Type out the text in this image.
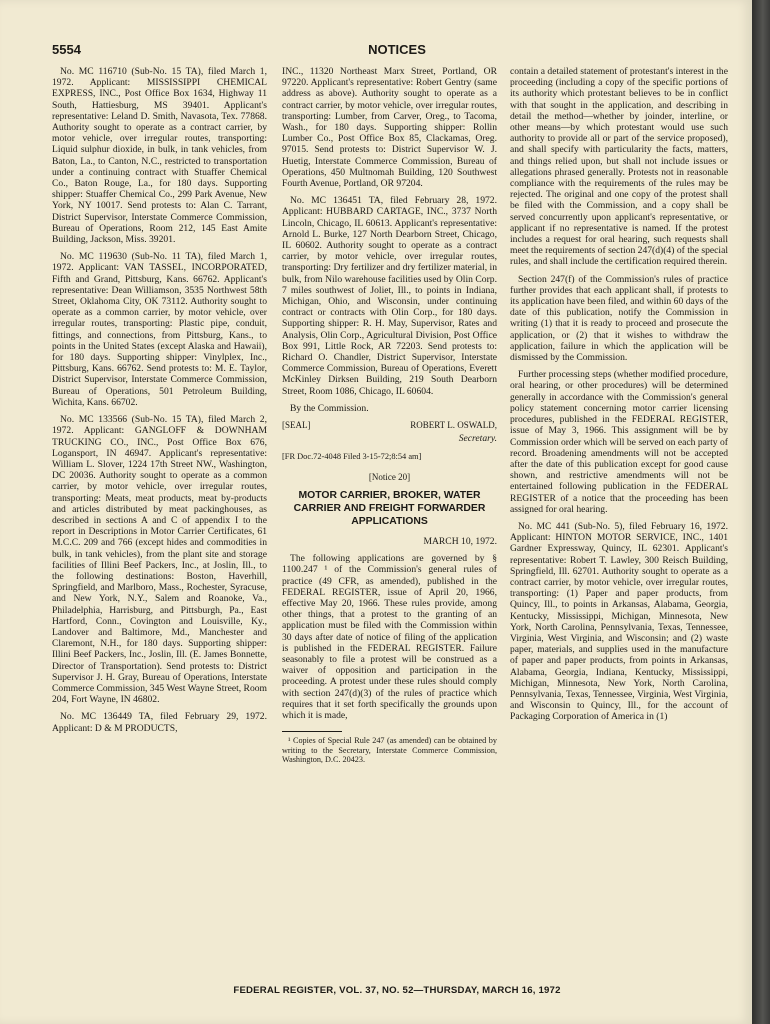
5554	NOTICES

No. MC 116710 (Sub-No. 15 TA), filed March 1, 1972. Applicant: MISSISSIPPI CHEMICAL EXPRESS, INC., Post Office Box 1634, Highway 11 South, Hattiesburg, MS 39401. Applicant's representative: Leland D. Smith, Navasota, Tex. 77868. Authority sought to operate as a contract carrier, by motor vehicle, over irregular routes, transporting: Liquid sulphur dioxide, in bulk, in tank vehicles, from Baton, La., to Canton, N.C., restricted to transportation under a continuing contract with Stuaffer Chemical Co., Baton Rouge, La., for 180 days. Supporting shipper: Stuaffer Chemical Co., 299 Park Avenue, New York, NY 10017. Send protests to: Alan C. Tarrant, District Supervisor, Interstate Commerce Commission, Bureau of Operations, Room 212, 145 East Amite Building, Jackson, Miss. 39201.

No. MC 119630 (Sub-No. 11 TA), filed March 1, 1972. Applicant: VAN TASSEL, INCORPORATED, Fifth and Grand, Pittsburg, Kans. 66762. Applicant's representative: Dean Williamson, 3535 Northwest 58th Street, Oklahoma City, OK 73112. Authority sought to operate as a common carrier, by motor vehicle, over irregular routes, transporting: Plastic pipe, conduit, fittings, and connections, from Pittsburg, Kans., to points in the United States (except Alaska and Hawaii), for 180 days. Supporting shipper: Vinylplex, Inc., Pittsburg, Kans. 66762. Send protests to: M. E. Taylor, District Supervisor, Interstate Commerce Commission, Bureau of Operations, 501 Petroleum Building, Wichita, Kans. 66702.

No. MC 133566 (Sub-No. 15 TA), filed March 2, 1972. Applicant: GANGLOFF & DOWNHAM TRUCKING CO., INC., Post Office Box 676, Logansport, IN 46947. Applicant's representative: William L. Slover, 1224 17th Street NW., Washington, DC 20036. Authority sought to operate as a common carrier, by motor vehicle, over irregular routes, transporting: Meats, meat products, meat by-products and articles distributed by meat packinghouses, as described in sections A and C of appendix I to the report in Descriptions in Motor Carrier Certificates, 61 M.C.C. 209 and 766 (except hides and commodities in bulk, in tank vehicles), from the plant site and storage facilities of Illini Beef Packers, Inc., at Joslin, Ill., to the following destinations: Boston, Haverhill, Springfield, and Marlboro, Mass., Rochester, Syracuse, and New York, N.Y., Salem and Roanoke, Va., Philadelphia, Harrisburg, and Pittsburgh, Pa., East Hartford, Conn., Covington and Louisville, Ky., Landover and Baltimore, Md., Manchester and Claremont, N.H., for 180 days. Supporting shipper: Illini Beef Packers, Inc., Joslin, Ill. (E. James Bonnette, Director of Transportation). Send protests to: District Supervisor J. H. Gray, Bureau of Operations, Interstate Commerce Commission, 345 West Wayne Street, Room 204, Fort Wayne, IN 46802.

No. MC 136449 TA, filed February 29, 1972. Applicant: D & M PRODUCTS,

INC., 11320 Northeast Marx Street, Portland, OR 97220. Applicant's representative: Robert Gentry (same address as above). Authority sought to operate as a contract carrier, by motor vehicle, over irregular routes, transporting: Lumber, from Carver, Oreg., to Tacoma, Wash., for 180 days. Supporting shipper: Rollin Lumber Co., Post Office Box 85, Clackamas, Oreg. 97015. Send protests to: District Supervisor W. J. Huetig, Interstate Commerce Commission, Bureau of Operations, 450 Multnomah Building, 120 Southwest Fourth Avenue, Portland, OR 97204.

No. MC 136451 TA, filed February 28, 1972. Applicant: HUBBARD CARTAGE, INC., 3737 North Lincoln, Chicago, IL 60613. Applicant's representative: Arnold L. Burke, 127 North Dearborn Street, Chicago, IL 60602. Authority sought to operate as a contract carrier, by motor vehicle, over irregular routes, transporting: Dry fertilizer and dry fertilizer material, in bulk, from Nilo warehouse facilities used by Olin Corp. 7 miles southwest of Joliet, Ill., to points in Indiana, Michigan, Ohio, and Wisconsin, under continuing contract or contracts with Olin Corp., for 180 days. Supporting shipper: R. H. May, Supervisor, Rates and Analysis, Olin Corp., Agricultural Division, Post Office Box 991, Little Rock, AR 72203. Send protests to: Richard O. Chandler, District Supervisor, Interstate Commerce Commission, Bureau of Operations, Everett McKinley Dirksen Building, 219 South Dearborn Street, Room 1086, Chicago, IL 60604.

By the Commission.

[SEAL]	ROBERT L. OSWALD,

Secretary.

[FR Doc.72-4048 Filed 3-15-72;8:54 am]

[Notice 20]

MOTOR CARRIER, BROKER, WATER CARRIER AND FREIGHT FORWARDER APPLICATIONS

MARCH 10, 1972.

The following applications are governed by § 1100.247 ¹ of the Commission's general rules of practice (49 CFR, as amended), published in the FEDERAL REGISTER, issue of April 20, 1966, effective May 20, 1966. These rules provide, among other things, that a protest to the granting of an application must be filed with the Commission within 30 days after date of notice of filing of the application is published in the FEDERAL REGISTER. Failure seasonably to file a protest will be construed as a waiver of opposition and participation in the proceeding. A protest under these rules should comply with section 247(d)(3) of the rules of practice which requires that it set forth specifically the grounds upon which it is made,

¹ Copies of Special Rule 247 (as amended) can be obtained by writing to the Secretary, Interstate Commerce Commission, Washington, D.C. 20423.

contain a detailed statement of protestant's interest in the proceeding (including a copy of the specific portions of its authority which protestant believes to be in conflict with that sought in the application, and describing in detail the method—whether by joinder, interline, or other means—by which protestant would use such authority to provide all or part of the service proposed), and shall specify with particularity the facts, matters, and things relied upon, but shall not include issues or allegations phrased generally. Protests not in reasonable compliance with the requirements of the rules may be rejected. The original and one copy of the protest shall be filed with the Commission, and a copy shall be served concurrently upon applicant's representative, or applicant if no representative is named. If the protest includes a request for oral hearing, such requests shall meet the requirements of section 247(d)(4) of the special rules, and shall include the certification required therein.

Section 247(f) of the Commission's rules of practice further provides that each applicant shall, if protests to its application have been filed, and within 60 days of the date of this publication, notify the Commission in writing (1) that it is ready to proceed and prosecute the application, or (2) that it wishes to withdraw the application, failure in which the application will be dismissed by the Commission.

Further processing steps (whether modified procedure, oral hearing, or other procedures) will be determined generally in accordance with the Commission's general policy statement concerning motor carrier licensing procedures, published in the FEDERAL REGISTER, issue of May 3, 1966. This assignment will be by Commission order which will be served on each party of record. Broadening amendments will not be accepted after the date of this publication except for good cause shown, and restrictive amendments will not be entertained following publication in the FEDERAL REGISTER of a notice that the proceeding has been assigned for oral hearing.

No. MC 441 (Sub-No. 5), filed February 16, 1972. Applicant: HINTON MOTOR SERVICE, INC., 1401 Gardner Expressway, Quincy, IL 62301. Applicant's representative: Robert T. Lawley, 300 Reisch Building, Springfield, Ill. 62701. Authority sought to operate as a contract carrier, by motor vehicle, over irregular routes, transporting: (1) Paper and paper products, from Quincy, Ill., to points in Arkansas, Alabama, Georgia, Kentucky, Mississippi, Michigan, Minnesota, New York, North Carolina, Pennsylvania, Texas, Tennessee, Virginia, West Virginia, and Wisconsin; and (2) waste paper, materials, and supplies used in the manufacture of paper and paper products, from points in Arkansas, Alabama, Georgia, Indiana, Kentucky, Mississippi, Michigan, Minnesota, New York, North Carolina, Pennsylvania, Texas, Tennessee, Virginia, West Virginia, and Wisconsin to Quincy, Ill., for the account of Packaging Corporation of America in (1)

FEDERAL REGISTER, VOL. 37, NO. 52—THURSDAY, MARCH 16, 1972
